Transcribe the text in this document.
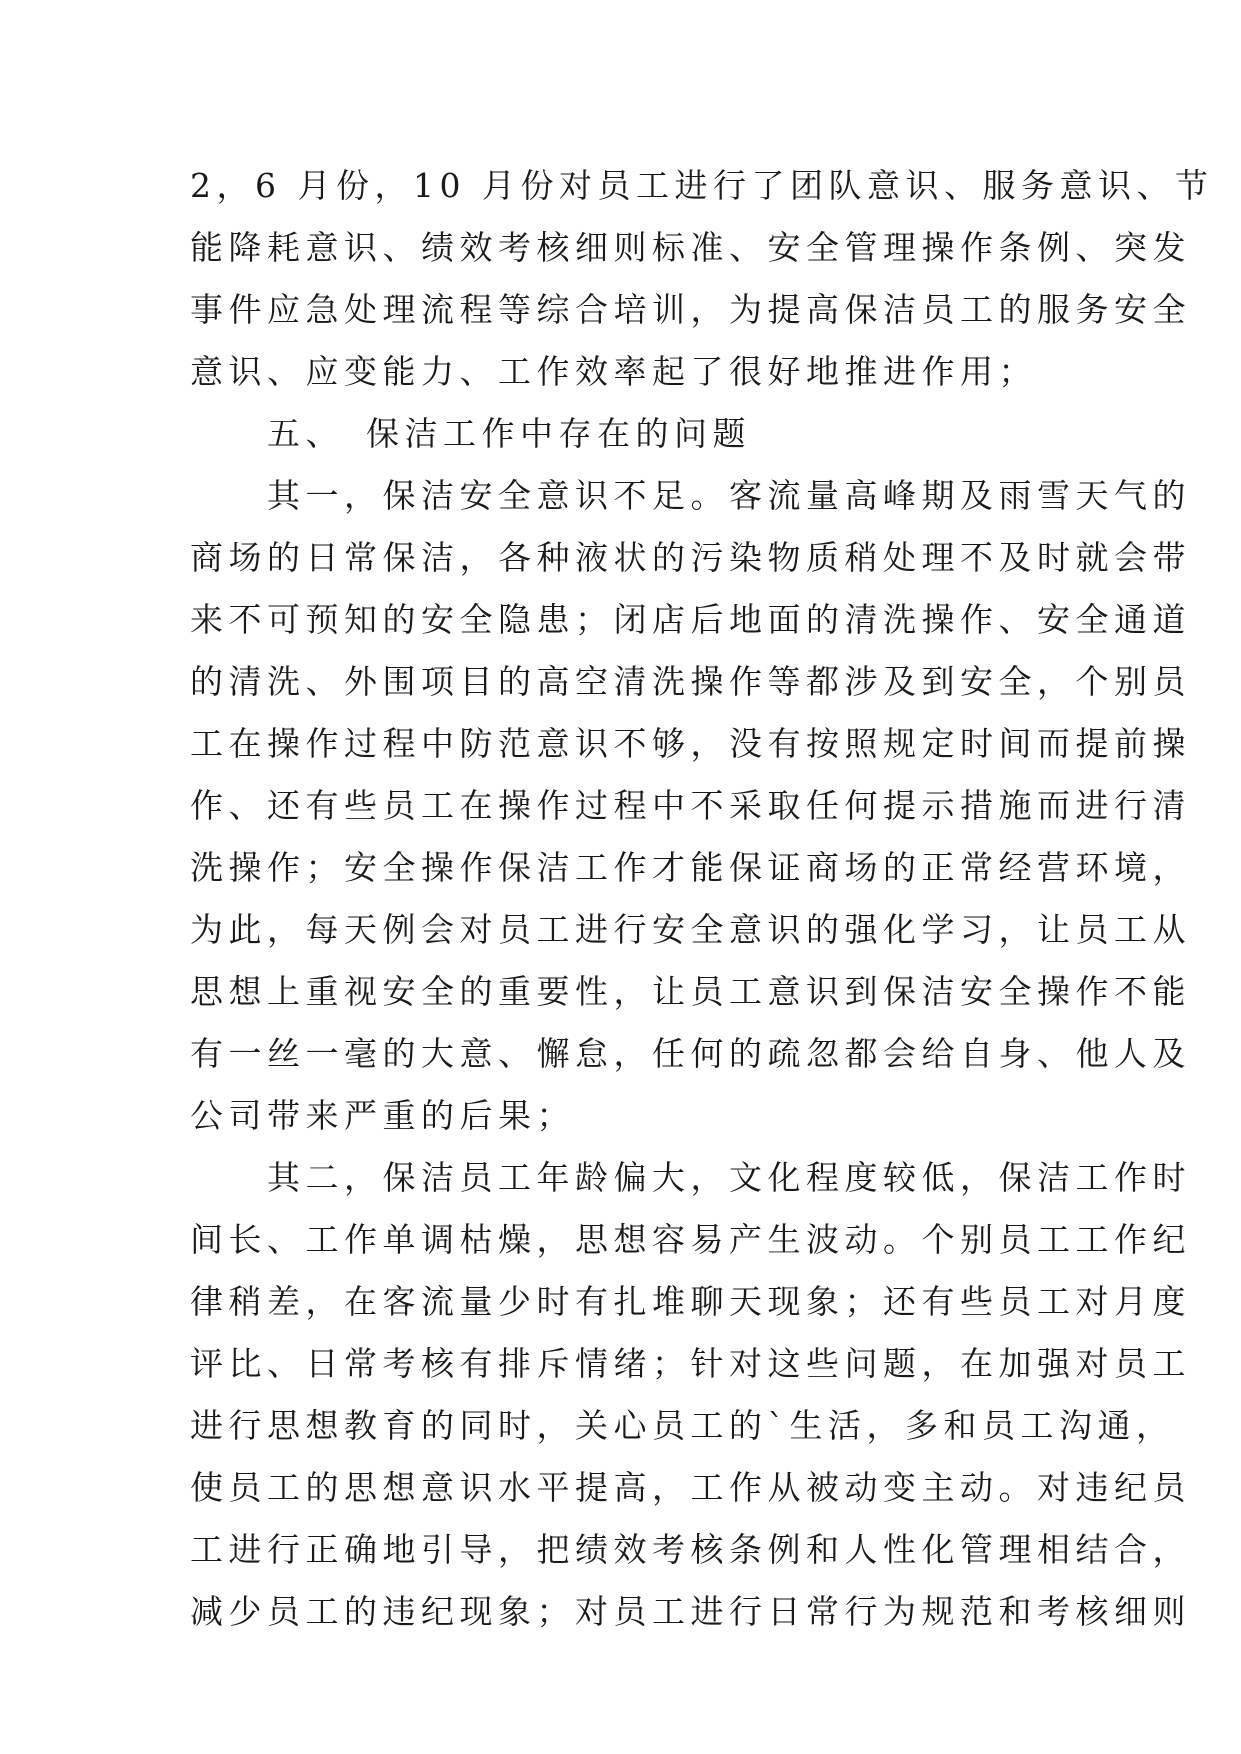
2，6 月份，10 月份对员工进行了团队意识、服务意识、节
能降耗意识、绩效考核细则标准、安全管理操作条例、突发
事件应急处理流程等综合培训，为提高保洁员工的服务安全
意识、应变能力、工作效率起了很好地推进作用；
　　五、　保洁工作中存在的问题
　　其一，保洁安全意识不足。客流量高峰期及雨雪天气的
商场的日常保洁，各种液状的污染物质稍处理不及时就会带
来不可预知的安全隐患；闭店后地面的清洗操作、安全通道
的清洗、外围项目的高空清洗操作等都涉及到安全，个别员
工在操作过程中防范意识不够，没有按照规定时间而提前操
作、还有些员工在操作过程中不采取任何提示措施而进行清
洗操作；安全操作保洁工作才能保证商场的正常经营环境，
为此，每天例会对员工进行安全意识的强化学习，让员工从
思想上重视安全的重要性，让员工意识到保洁安全操作不能
有一丝一毫的大意、懈怠，任何的疏忽都会给自身、他人及
公司带来严重的后果；
　　其二，保洁员工年龄偏大，文化程度较低，保洁工作时
间长、工作单调枯燥，思想容易产生波动。个别员工工作纪
律稍差，在客流量少时有扎堆聊天现象；还有些员工对月度
评比、日常考核有排斥情绪；针对这些问题，在加强对员工
进行思想教育的同时，关心员工的`生活，多和员工沟通，
使员工的思想意识水平提高，工作从被动变主动。对违纪员
工进行正确地引导，把绩效考核条例和人性化管理相结合，
减少员工的违纪现象；对员工进行日常行为规范和考核细则
